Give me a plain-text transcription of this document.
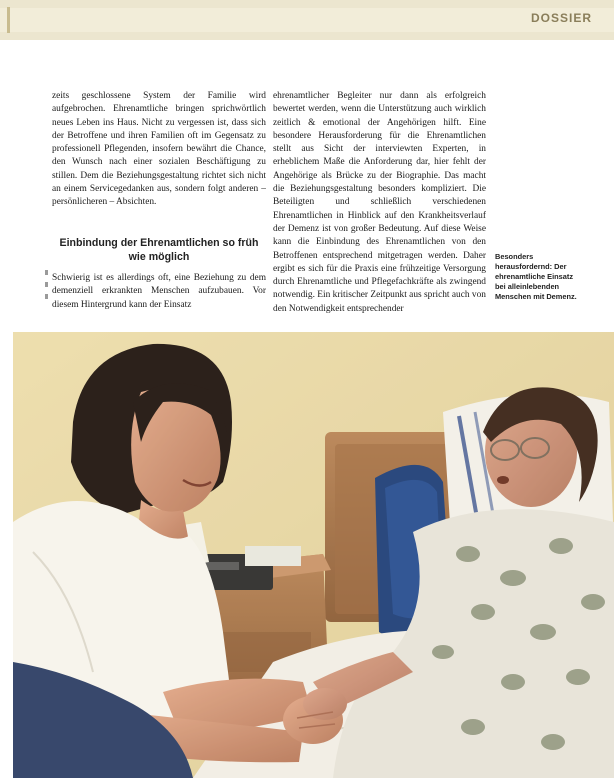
DOSSIER

zeits geschlossene System der Familie wird aufgebrochen. Ehrenamtliche bringen sprichwörtlich neues Leben ins Haus. Nicht zu vergessen ist, dass sich der Betroffene und ihren Familien oft im Gegensatz zu professionell Pflegenden, insofern bewährt die Chance, den Wunsch nach einer sozialen Beschäftigung zu stillen. Dem die Beziehungsgestaltung richtet sich nicht an einem Servicegedanken aus, sondern folgt anderen – persönlicheren – Absichten.

Einbindung der Ehrenamtlichen so früh wie möglich

Schwierig ist es allerdings oft, eine Beziehung zu dem demenziell erkrankten Menschen aufzubauen. Vor diesem Hintergrund kann der Einsatz

ehrenamtlicher Begleiter nur dann als erfolgreich bewertet werden, wenn die Unterstützung auch wirklich zeitlich & emotional der Angehörigen hilft. Eine besondere Herausforderung für die Ehrenamtlichen stellt aus Sicht der interviewten Experten, in erheblichem Maße die Anforderung dar, hier fehlt der Angehörige als Brücke zu der Biographie. Das macht die Beziehungsgestaltung besonders kompliziert. Die Beteiligten und schließlich verschiedenen Ehrenamtlichen in Hinblick auf den Krankheitsverlauf der Demenz ist von großer Bedeutung. Auf diese Weise kann die Einbindung des Ehrenamtlichen von den Betroffenen entsprechend mitgetragen werden. Daher ergibt es sich für die Praxis eine frühzeitige Versorgung durch Ehrenamtliche und Pflegefachkräfte als zwingend notwendig. Ein kritischer Zeitpunkt aus spricht auch von den Notwendigkeit entsprechender

Besonders herausfordernd: Der ehrenamtliche Einsatz bei alleinlebenden Menschen mit Demenz.
